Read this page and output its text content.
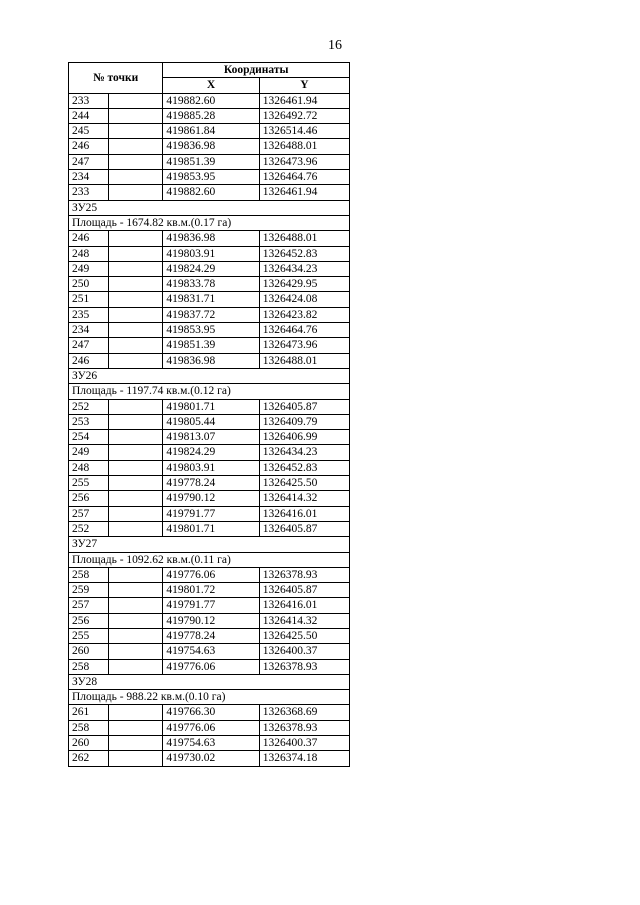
16
№ точки		Координаты	
		X	Y
233		419882.60	1326461.94
244		419885.28	1326492.72
245		419861.84	1326514.46
246		419836.98	1326488.01
247		419851.39	1326473.96
234		419853.95	1326464.76
233		419882.60	1326461.94
ЗУ25			
Площадь - 1674.82 кв.м.(0.17 га)			
246		419836.98	1326488.01
248		419803.91	1326452.83
249		419824.29	1326434.23
250		419833.78	1326429.95
251		419831.71	1326424.08
235		419837.72	1326423.82
234		419853.95	1326464.76
247		419851.39	1326473.96
246		419836.98	1326488.01
ЗУ26			
Площадь - 1197.74 кв.м.(0.12 га)			
252		419801.71	1326405.87
253		419805.44	1326409.79
254		419813.07	1326406.99
249		419824.29	1326434.23
248		419803.91	1326452.83
255		419778.24	1326425.50
256		419790.12	1326414.32
257		419791.77	1326416.01
252		419801.71	1326405.87
ЗУ27			
Площадь - 1092.62 кв.м.(0.11 га)			
258		419776.06	1326378.93
259		419801.72	1326405.87
257		419791.77	1326416.01
256		419790.12	1326414.32
255		419778.24	1326425.50
260		419754.63	1326400.37
258		419776.06	1326378.93
ЗУ28			
Площадь - 988.22 кв.м.(0.10 га)			
261		419766.30	1326368.69
258		419776.06	1326378.93
260		419754.63	1326400.37
262		419730.02	1326374.18
